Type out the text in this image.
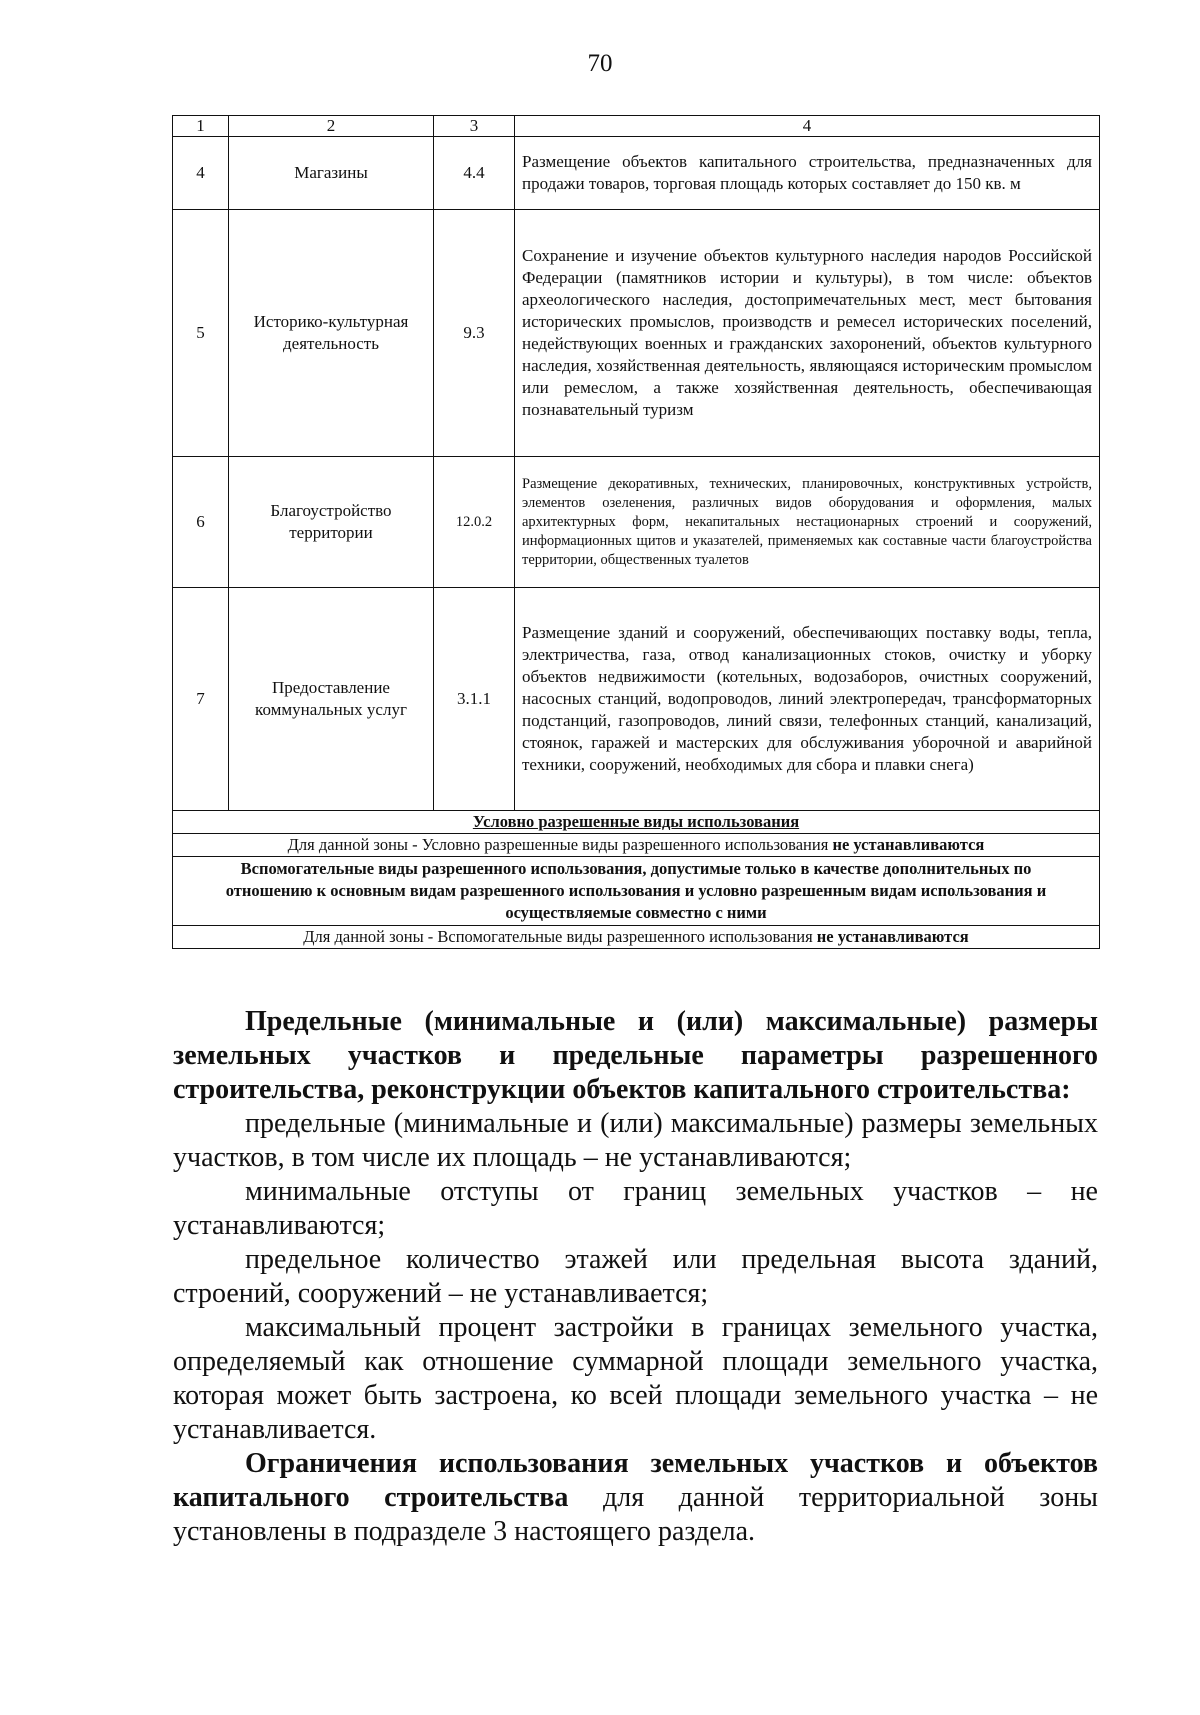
70
1	2	3	4
4	Магазины	4.4	Размещение объектов капитального строительства, предназначенных для продажи товаров, торговая площадь которых составляет до 150 кв. м
5	Историко-культурная деятельность	9.3	Сохранение и изучение объектов культурного наследия народов Российской Федерации (памятников истории и культуры), в том числе: объектов археологического наследия, достопримечательных мест, мест бытования исторических промыслов, производств и ремесел исторических поселений, недействующих военных и гражданских захоронений, объектов культурного наследия, хозяйственная деятельность, являющаяся историческим промыслом или ремеслом, а также хозяйственная деятельность, обеспечивающая познавательный туризм
6	Благоустройство территории	12.0.2	Размещение декоративных, технических, планировочных, конструктивных устройств, элементов озеленения, различных видов оборудования и оформления, малых архитектурных форм, некапитальных нестационарных строений и сооружений, информационных щитов и указателей, применяемых как составные части благоустройства территории, общественных туалетов
7	Предоставление коммунальных услуг	3.1.1	Размещение зданий и сооружений, обеспечивающих поставку воды, тепла, электричества, газа, отвод канализационных стоков, очистку и уборку объектов недвижимости (котельных, водозаборов, очистных сооружений, насосных станций, водопроводов, линий электропередач, трансформаторных подстанций, газопроводов, линий связи, телефонных станций, канализаций, стоянок, гаражей и мастерских для обслуживания уборочной и аварийной техники, сооружений, необходимых для сбора и плавки снега)
Условно разрешенные виды использования			
Для данной зоны - Условно разрешенные виды разрешенного использования не устанавливаются			
Вспомогательные виды разрешенного использования, допустимые только в качестве дополнительных по отношению к основным видам разрешенного использования и условно разрешенным видам использования и осуществляемые совместно с ними			
Для данной зоны - Вспомогательные виды разрешенного использования не устанавливаются			

Предельные (минимальные и (или) максимальные) размеры земельных участков и предельные параметры разрешенного строительства, реконструкции объектов капитального строительства:

предельные (минимальные и (или) максимальные) размеры земельных участков, в том числе их площадь – не устанавливаются;

минимальные отступы от границ земельных участков – не устанавливаются;

предельное количество этажей или предельная высота зданий, строений, сооружений – не устанавливается;

максимальный процент застройки в границах земельного участка, определяемый как отношение суммарной площади земельного участка, которая может быть застроена, ко всей площади земельного участка – не устанавливается.

Ограничения использования земельных участков и объектов капитального строительства для данной территориальной зоны установлены в подразделе 3 настоящего раздела.
